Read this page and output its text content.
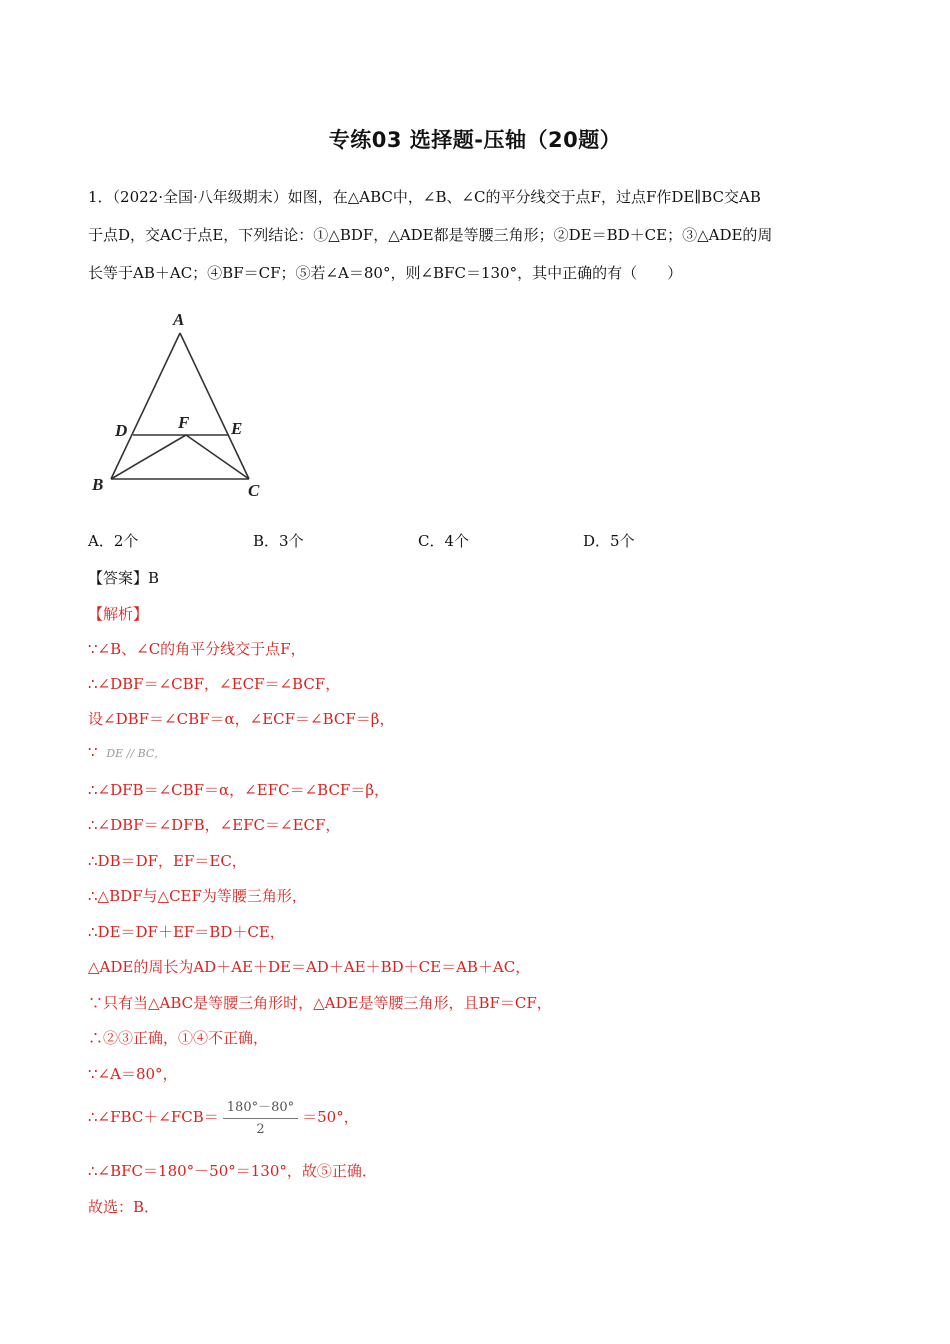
专练03 选择题-压轴（20题）
1．（2022·全国·八年级期末）如图，在△ABC中，∠B、∠C的平分线交于点F，过点F作DE∥BC交AB
于点D，交AC于点E，下列结论：①△BDF，△ADE都是等腰三角形；②DE＝BD＋CE；③△ADE的周
长等于AB＋AC；④BF＝CF；⑤若∠A＝80°，则∠BFC＝130°，其中正确的有（　　）
A
D	F E
B	C
A．2个	B．3个	C．4个	D．5个
【答案】B
【解析】
∵∠B、∠C的角平分线交于点F，
∴∠DBF＝∠CBF，∠ECF＝∠BCF，
设∠DBF＝∠CBF＝α，∠ECF＝∠BCF＝β，
∵ DE // BC，
∴∠DFB＝∠CBF＝α，∠EFC＝∠BCF＝β，
∴∠DBF＝∠DFB，∠EFC＝∠ECF，
∴DB＝DF，EF＝EC，
∴△BDF与△CEF为等腰三角形，
∴DE＝DF＋EF＝BD＋CE，
△ADE的周长为AD＋AE＋DE＝AD＋AE＋BD＋CE＝AB＋AC，
∵只有当△ABC是等腰三角形时，△ADE是等腰三角形，且BF＝CF，
∴②③正确，①④不正确，
∵∠A＝80°，
∴∠FBC＋∠FCB＝ $\frac{180^\circ-80^\circ}{2} =50^\circ$，
∴∠BFC＝180°－50°＝130°，故⑤正确．
故选：B．
